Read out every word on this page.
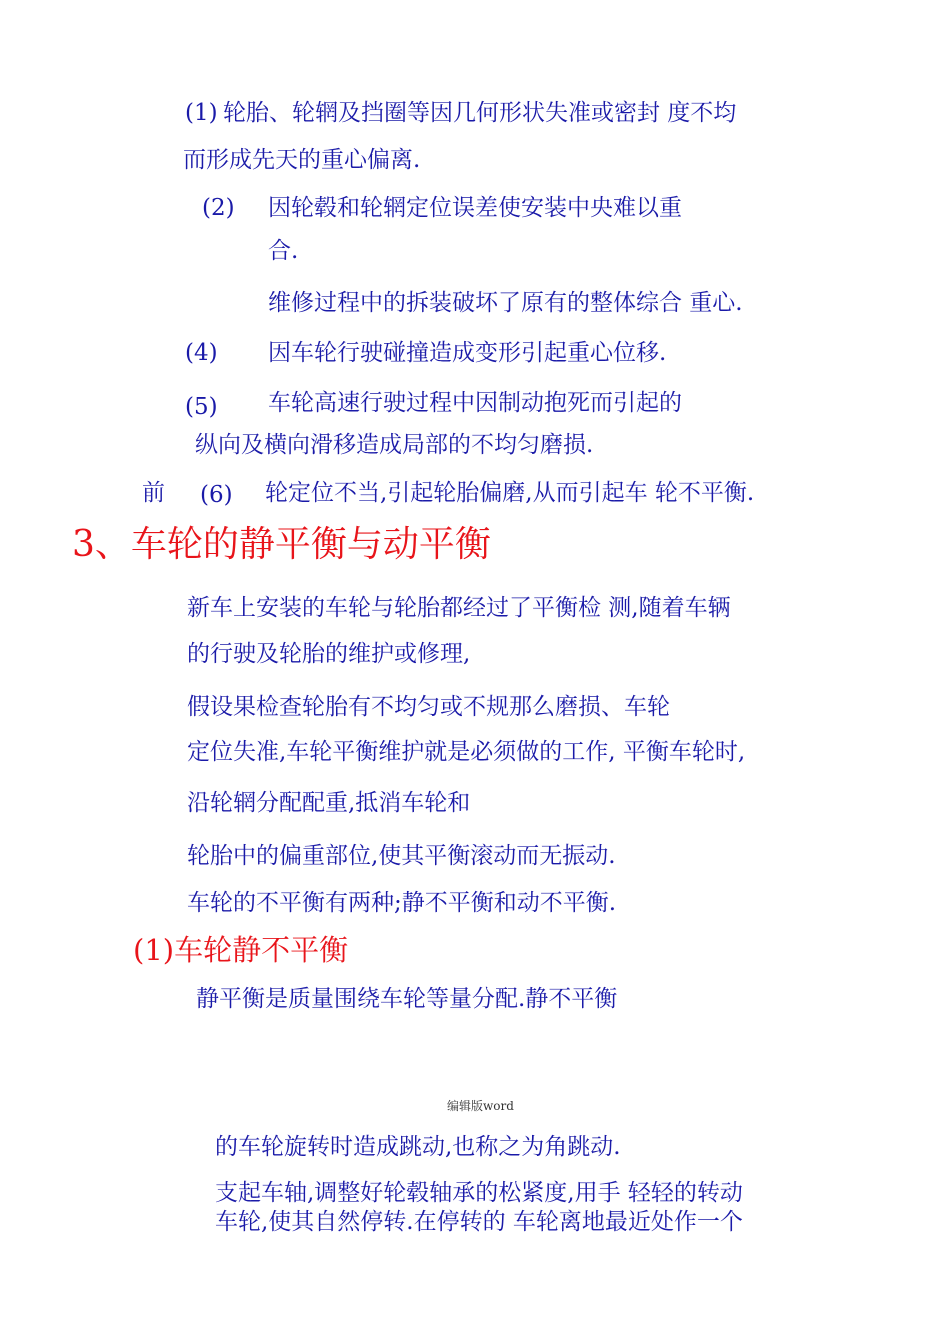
(1) 轮胎、轮辋及挡圈等因几何形状失准或密封 度不均
而形成先天的重心偏离.
(2) 因轮毂和轮辋定位误差使安装中央难以重
合.
维修过程中的拆装破坏了原有的整体综合 重心.
(4) 因车轮行驶碰撞造成变形引起重心位移.
(5) 车轮高速行驶过程中因制动抱死而引起的
纵向及横向滑移造成局部的不均匀磨损.
前 (6) 轮定位不当,引起轮胎偏磨,从而引起车 轮不平衡.
3、车轮的静平衡与动平衡
新车上安装的车轮与轮胎都经过了平衡检 测,随着车辆
的行驶及轮胎的维护或修理,
假设果检查轮胎有不均匀或不规那么磨损、车轮
定位失准,车轮平衡维护就是必须做的工作, 平衡车轮时,
沿轮辋分配配重,抵消车轮和
轮胎中的偏重部位,使其平衡滚动而无振动.
车轮的不平衡有两种;静不平衡和动不平衡.
(1)车轮静不平衡
静平衡是质量围绕车轮等量分配.静不平衡
编辑版word
的车轮旋转时造成跳动,也称之为角跳动.
支起车轴,调整好轮毂轴承的松紧度,用手 轻轻的转动
车轮,使其自然停转.在停转的 车轮离地最近处作一个
